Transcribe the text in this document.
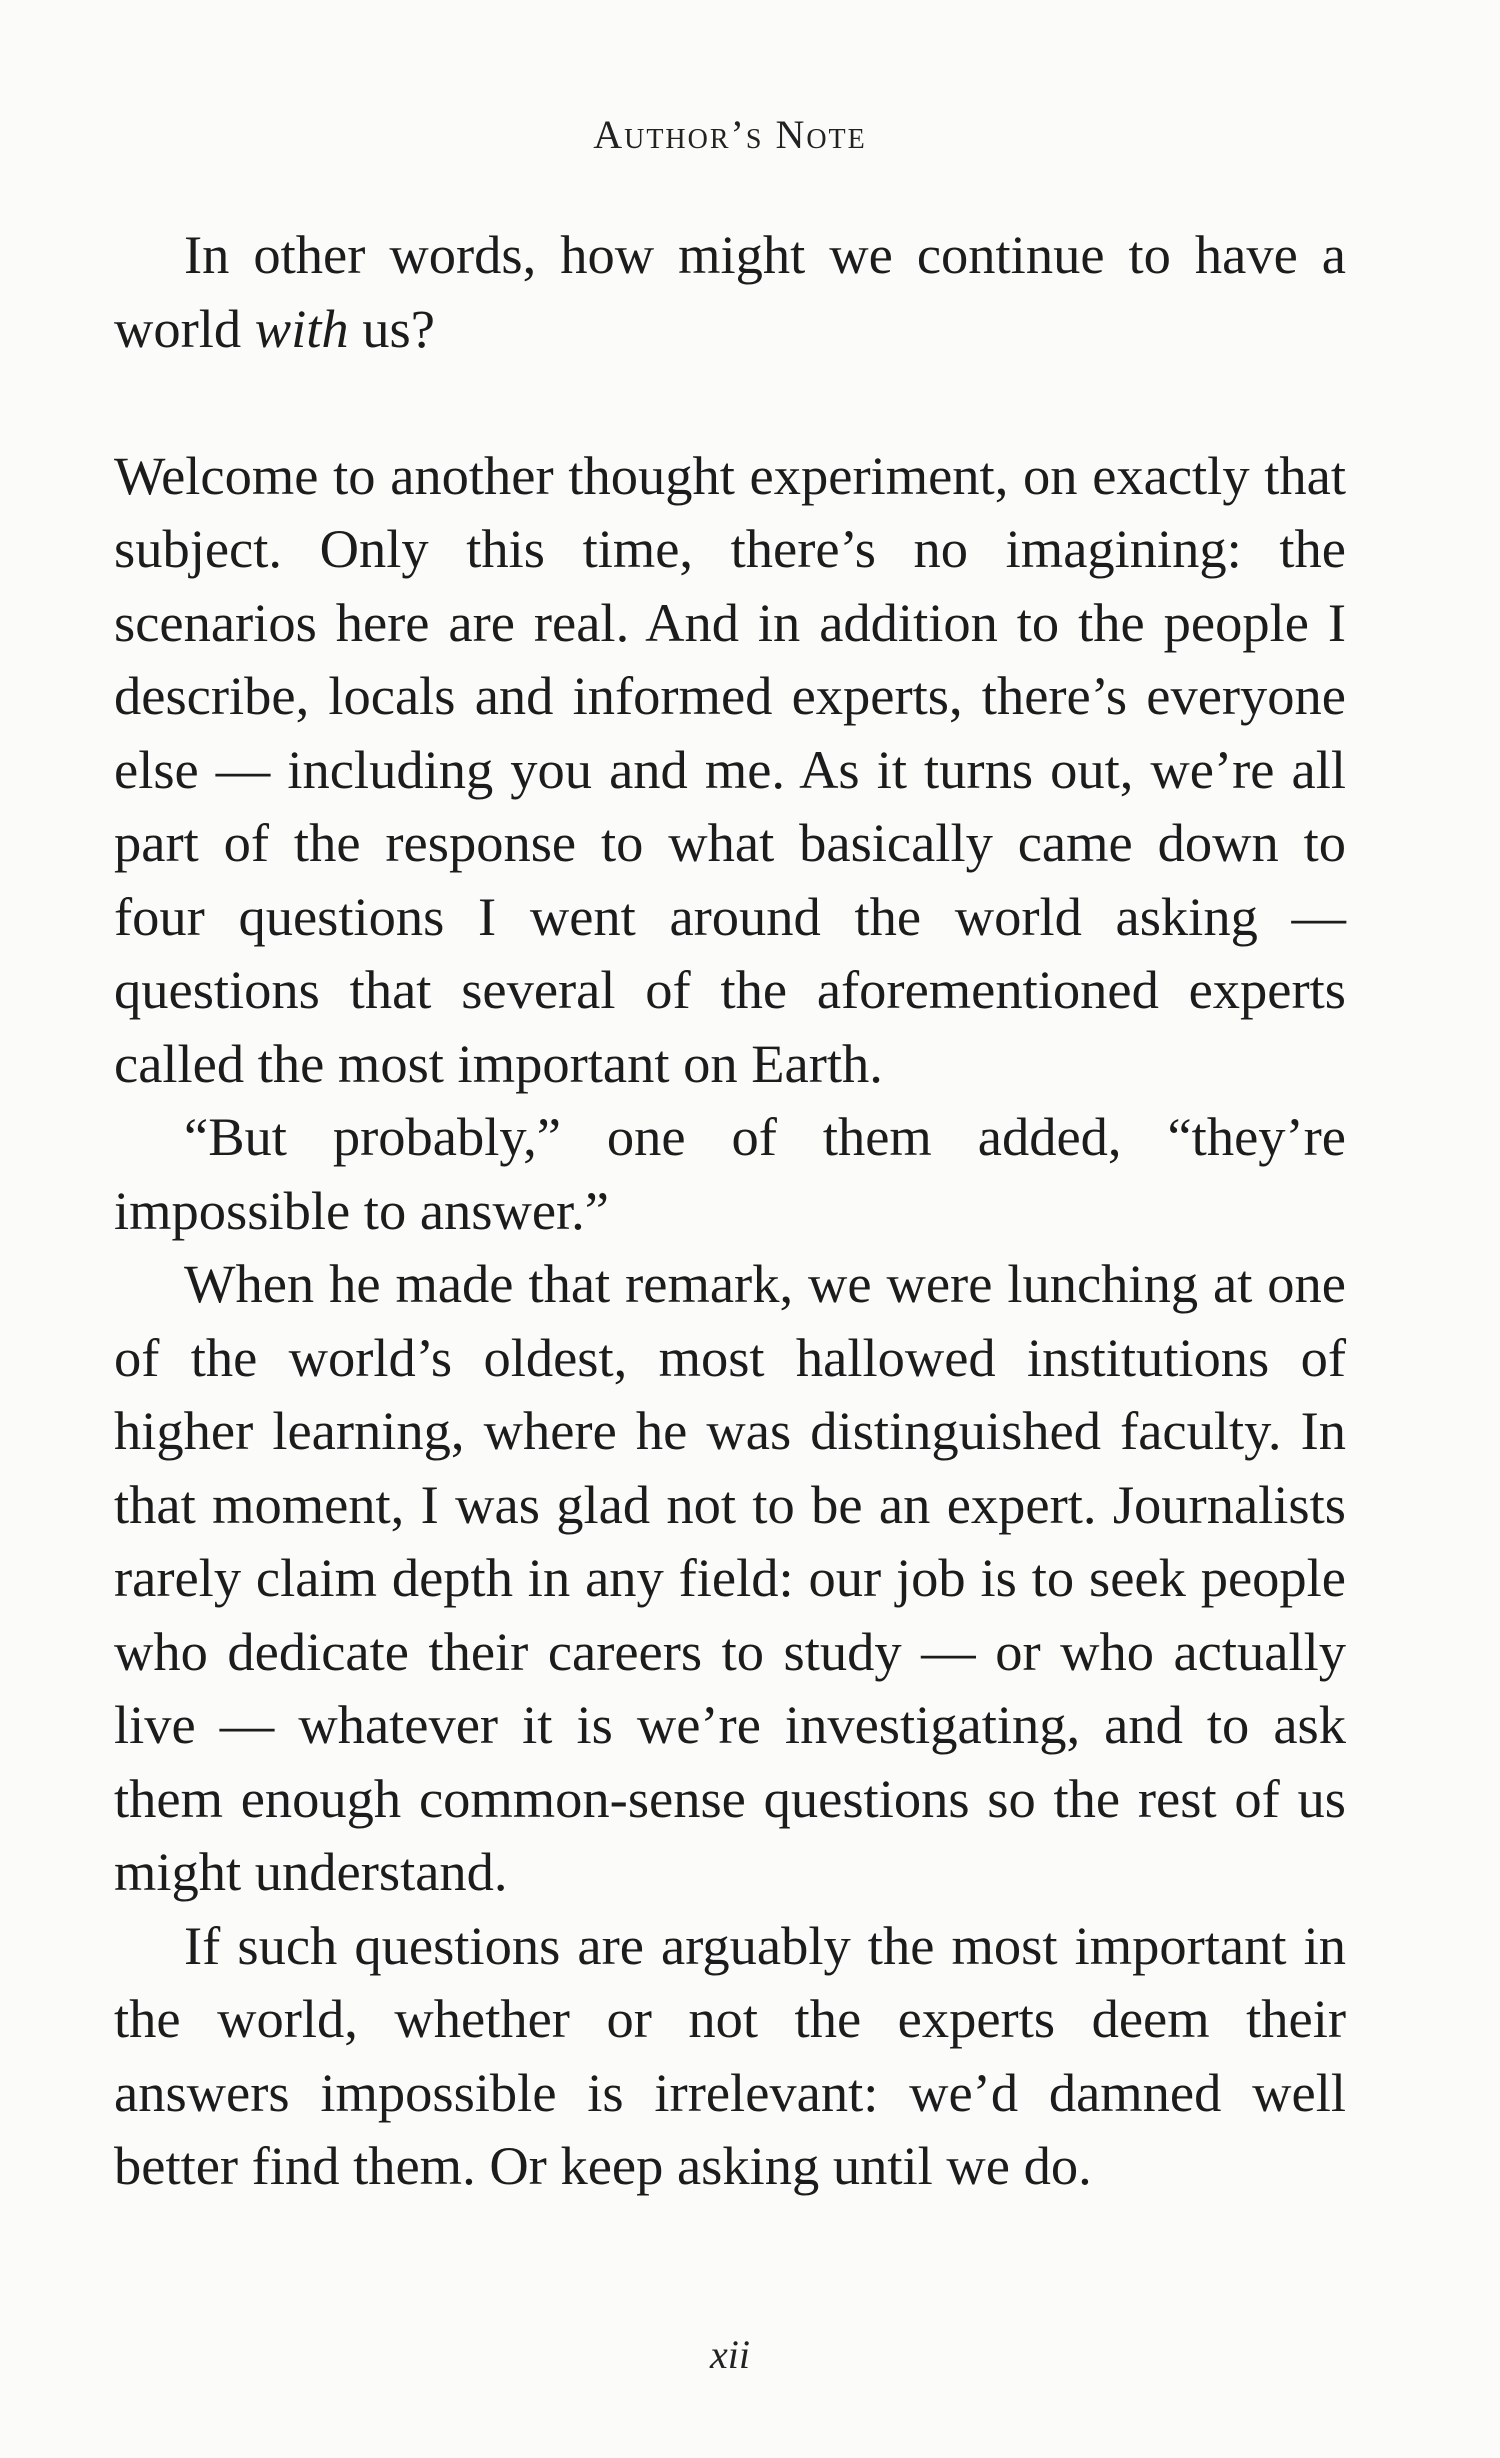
Author’s Note

In other words, how might we continue to have a world with us?

Welcome to another thought experiment, on exactly that subject. Only this time, there’s no imagining: the scenarios here are real. And in addition to the people I describe, locals and informed experts, there’s everyone else — including you and me. As it turns out, we’re all part of the response to what basically came down to four questions I went around the world asking — questions that several of the aforementioned experts called the most important on Earth.

“But probably,” one of them added, “they’re impossible to answer.”

When he made that remark, we were lunching at one of the world’s oldest, most hallowed institutions of higher learning, where he was distinguished faculty. In that moment, I was glad not to be an expert. Journalists rarely claim depth in any field: our job is to seek people who dedicate their careers to study — or who actually live — whatever it is we’re investigating, and to ask them enough common-sense questions so the rest of us might understand.

If such questions are arguably the most important in the world, whether or not the experts deem their answers impossible is irrelevant: we’d damned well better find them. Or keep asking until we do.

xii
